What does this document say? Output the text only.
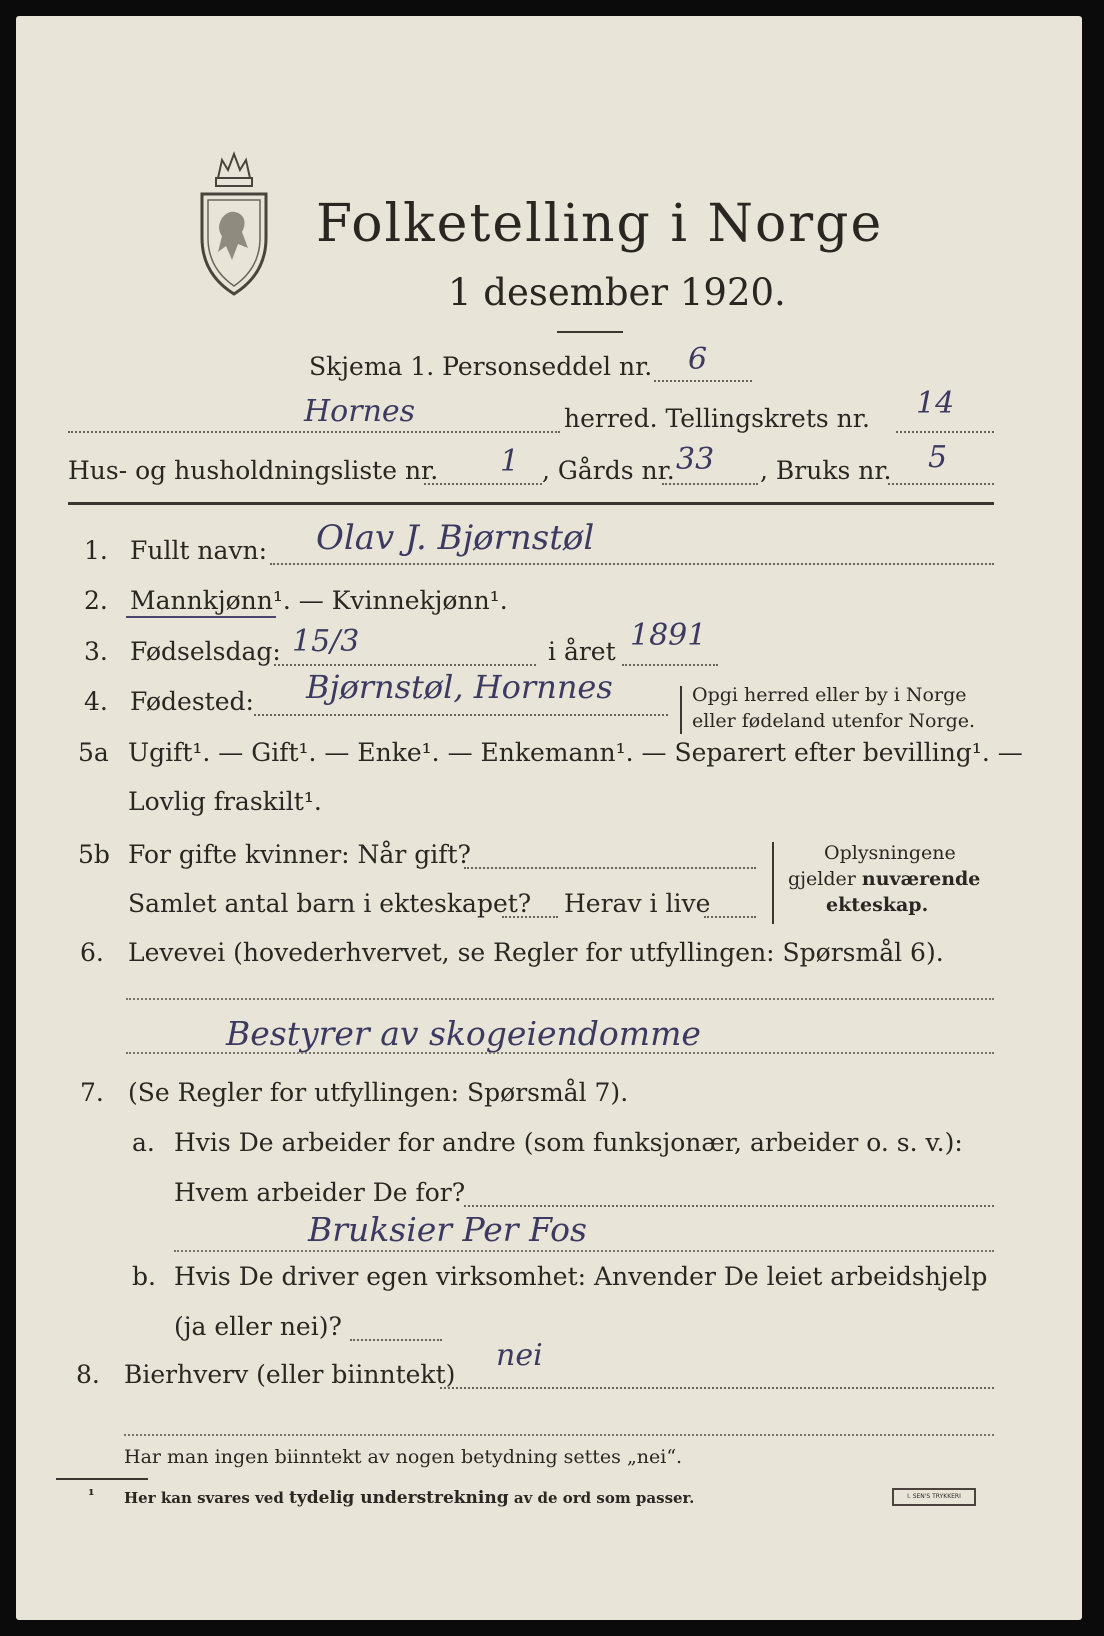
Folketelling i Norge
1 desember 1920.
Skjema 1. Personseddel nr. 6
Hornes	herred. Tellingskrets nr. 14
Hus- og husholdningsliste nr. 1 , Gårds nr. 33 , Bruks nr. 5
1. Fullt navn: Olav J. Bjørnstøl
2. Mannkjønn¹. — Kvinnekjønn¹.
3. Fødselsdag: 15/3	i året 1891
4. Fødested: Bjørnstøl, Hornnes	Opgi herred eller by i Norge
eller fødeland utenfor Norge.
5a Ugift¹. — Gift¹. — Enke¹. — Enkemann¹. — Separert efter bevilling¹. —
Lovlig fraskilt¹.
5b For gifte kvinner: Når gift?
Samlet antal barn i ekteskapet? Herav i live
Oplysningene
gjelder nuværende
ekteskap.
6. Levevei (hovederhvervet, se Regler for utfyllingen: Spørsmål 6).
Bestyrer av skogeiendomme
7. (Se Regler for utfyllingen: Spørsmål 7).
a. Hvis De arbeider for andre (som funksjonær, arbeider o. s. v.):
Hvem arbeider De for?
Bruksier Per Fos
b. Hvis De driver egen virksomhet: Anvender De leiet arbeidshjelp
(ja eller nei)?
8. Bierhverv (eller biinntekt)
nei
Har man ingen biinntekt av nogen betydning settes „nei“.
¹ Her kan svares ved tydelig understrekning av de ord som passer.	I. SEN'S TRYKKERI
